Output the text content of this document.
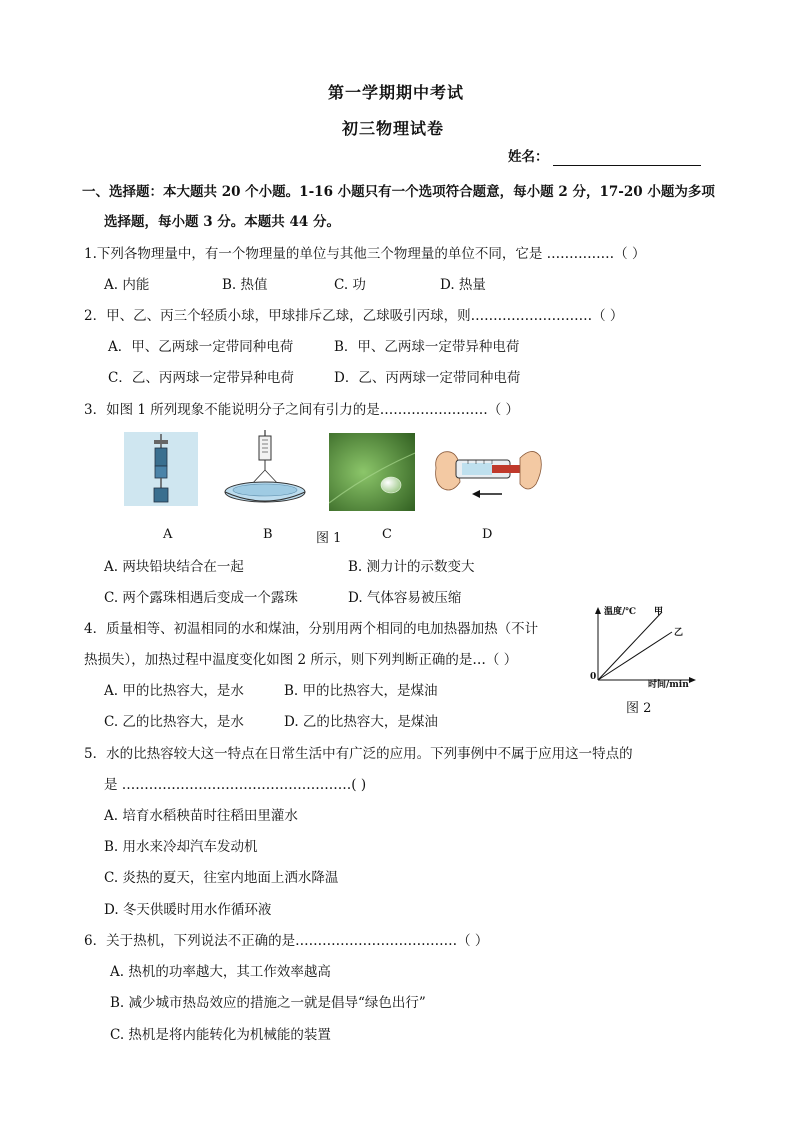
第一学期期中考试
初三物理试卷
姓名：
一、选择题：本大题共 20 个小题。1-16 小题只有一个选项符合题意，每小题 2 分，17-20 小题为多项
选择题，每小题 3 分。本题共 44 分。
1.下列各物理量中，有一个物理量的单位与其他三个物理量的单位不同，它是 ……………（ ）
A. 内能	B. 热值	C. 功	D. 热量
2．甲、乙、丙三个轻质小球，甲球排斥乙球，乙球吸引丙球，则………………………（ ）
A．甲、乙两球一定带同种电荷	B．甲、乙两球一定带异种电荷
C．乙、丙两球一定带异种电荷	D．乙、丙两球一定带同种电荷
3．如图 1 所列现象不能说明分子之间有引力的是……………………（ ）
A	B	图 1	C	D
A. 两块铅块结合在一起	B. 测力计的示数变大
C. 两个露珠相遇后变成一个露珠	D. 气体容易被压缩
4．质量相等、初温相同的水和煤油，分别用两个相同的电加热器加热（不计
热损失），加热过程中温度变化如图 2 所示，则下列判断正确的是…（ ）
A. 甲的比热容大，是水	B. 甲的比热容大，是煤油
C. 乙的比热容大，是水	D. 乙的比热容大，是煤油
温度/℃ 甲
乙
0
时间/min
图 2
5．水的比热容较大这一特点在日常生活中有广泛的应用。下列事例中不属于应用这一特点的
是 ……………………………………………( )
A. 培育水稻秧苗时往稻田里灌水
B. 用水来冷却汽车发动机
C. 炎热的夏天，往室内地面上洒水降温
D. 冬天供暖时用水作循环液
6．关于热机，下列说法不正确的是………………………………（ ）
A. 热机的功率越大，其工作效率越高
B. 减少城市热岛效应的措施之一就是倡导“绿色出行”
C. 热机是将内能转化为机械能的装置
